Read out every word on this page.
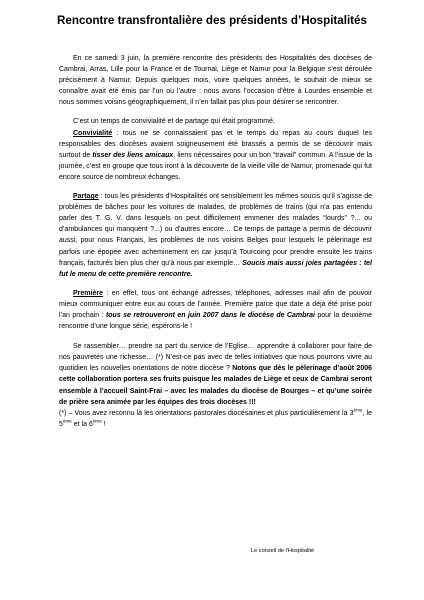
Rencontre transfrontalière des présidents d’Hospitalités

En ce samedi 3 juin, la première rencontre des présidents des Hospitalités des diocèses de Cambrai, Arras, Lille pour la France et de Tournai, Liège et Namur pour la Belgique s’est déroulée précisément à Namur. Depuis quelques mois, voire quelques années, le souhait de mieux se connaître avait été émis par l’un ou l’autre : nous avons l’occasion d’être à Lourdes ensemble et nous sommes voisins géographiquement, il n’en fallait pas plus pour désirer se rencontrer.

C’est un temps de convivialité et de partage qui était programmé.

Convivialité : tous ne se connaissaient pas et le temps du repas au cours duquel les responsables des diocèses avaient soigneusement été brassés a permis de se découvrir mais surtout de tisser des liens amicaux, liens nécessaires pour un bon “travail” commun. A l’issue de la journée, c’est en groupe que tous iront à la découverte de la vieille ville de Namur, promenade qui fut encore source de nombreux échanges.

Partage : tous les présidents d’Hospitalités ont sensiblement les mêmes soucis qu’il s’agisse de problèmes de bâches pour les voitures de malades, de problèmes de trains (qui n’a pas entendu parler des T. G. V. dans lesquels on peut difficilement emmener des malades “lourds” ?... ou d’ambulances qui manquent ?...) ou d’autres encore… Ce temps de partage a permis de découvrir aussi, pour nous Français, les problèmes de nos voisins Belges pour lesquels le pèlerinage est parfois une épopée avec acheminement en car jusqu’à Tourcoing pour prendre ensuite les trains français, facturés bien plus cher qu’à nous par exemple… Soucis mais aussi joies partagées : tel fut le menu de cette première rencontre.

Première : en effet, tous ont échangé adresses, téléphones, adresses mail afin de pouvoir mieux communiquer entre eux au cours de l’année. Première parce que date a déjà été prise pour l’an prochain : tous se retrouveront en juin 2007 dans le diocèse de Cambrai pour la deuxième rencontre d’une longue série, espérons-le !

Se rassembler… prendre sa part du service de l’Eglise… apprendre à collaborer pour faire de nos pauvretés une richesse… (*) N’est-ce pas avec de telles initiatives que nous pourrons vivre au quotidien les nouvelles orientations de notre diocèse ? Notons que dès le pèlerinage d’août 2006 cette collaboration portera ses fruits puisque les malades de Liège et ceux de Cambrai seront ensemble à l’accueil Saint-Frai – avec les malades du diocèse de Bourges – et qu’une soirée de prière sera animée par les équipes des trois diocèses !!!

(*) – Vous avez reconnu là les orientations pastorales diocésaines et plus particulièrement la 3ème, le 5ème et la 6ème !

Le conseil de l’Hospitalité
